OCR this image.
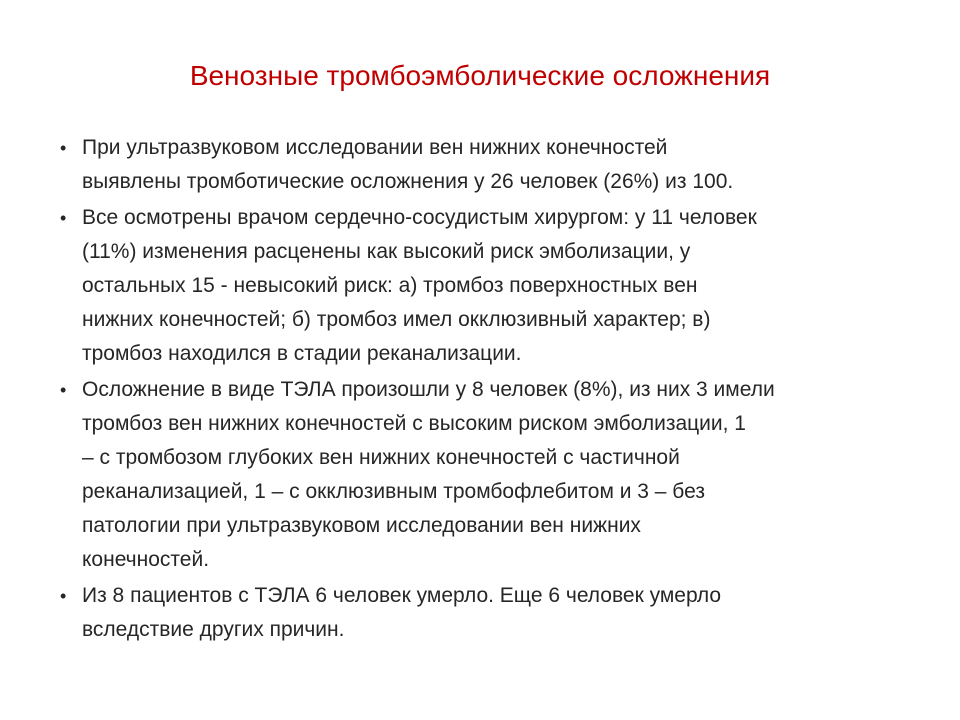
Венозные тромбоэмболические осложнения
• При ультразвуковом исследовании вен нижних конечностей
выявлены тромботические осложнения у 26 человек (26%) из 100.
• Все осмотрены врачом сердечно-сосудистым хирургом: у 11 человек
(11%) изменения расценены как высокий риск эмболизации, у
остальных 15 - невысокий риск: а) тромбоз поверхностных вен
нижних конечностей; б) тромбоз имел окклюзивный характер; в)
тромбоз находился в стадии реканализации.
• Осложнение в виде ТЭЛА произошли у 8 человек (8%), из них 3 имели
тромбоз вен нижних конечностей с высоким риском эмболизации, 1
– с тромбозом глубоких вен нижних конечностей с частичной
реканализацией, 1 – с окклюзивным тромбофлебитом и 3 – без
патологии при ультразвуковом исследовании вен нижних
конечностей.
• Из 8 пациентов с ТЭЛА 6 человек умерло. Еще 6 человек умерло
вследствие других причин.
